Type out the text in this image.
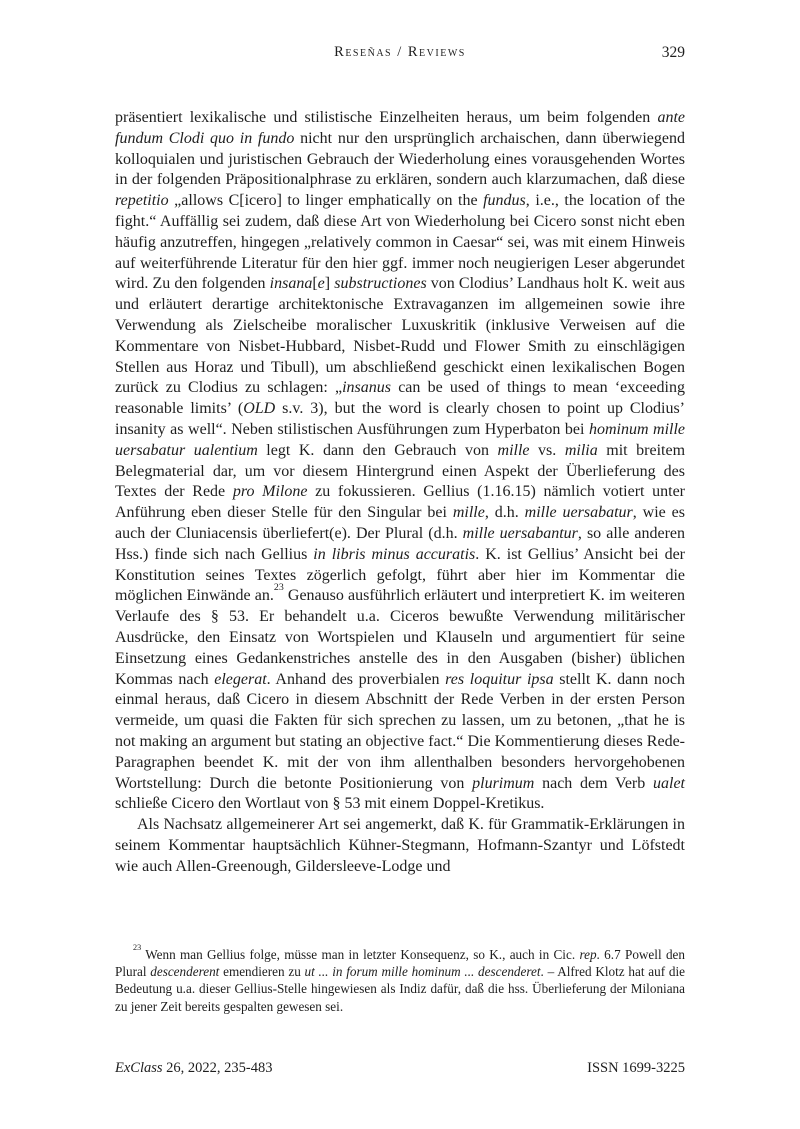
Reseñas / Reviews	329

präsentiert lexikalische und stilistische Einzelheiten heraus, um beim folgenden ante fundum Clodi quo in fundo nicht nur den ursprünglich archaischen, dann überwiegend kolloquialen und juristischen Gebrauch der Wiederholung eines vorausgehenden Wortes in der folgenden Präpositionalphrase zu erklären, sondern auch klarzumachen, daß diese repetitio „allows C[icero] to linger emphatically on the fundus, i.e., the location of the fight.“ Auffällig sei zudem, daß diese Art von Wiederholung bei Cicero sonst nicht eben häufig anzutreffen, hingegen „relatively common in Caesar“ sei, was mit einem Hinweis auf weiterführende Literatur für den hier ggf. immer noch neugierigen Leser abgerundet wird. Zu den folgenden insana[e] substructiones von Clodius’ Landhaus holt K. weit aus und erläutert derartige architektonische Extravaganzen im allgemeinen sowie ihre Verwendung als Zielscheibe moralischer Luxuskritik (inklusive Verweisen auf die Kommentare von Nisbet-Hubbard, Nisbet-Rudd und Flower Smith zu einschlägigen Stellen aus Horaz und Tibull), um abschließend geschickt einen lexikalischen Bogen zurück zu Clodius zu schlagen: „insanus can be used of things to mean ‘exceeding reasonable limits’ (OLD s.v. 3), but the word is clearly chosen to point up Clodius’ insanity as well“. Neben stilistischen Ausführungen zum Hyperbaton bei hominum mille uersabatur ualentium legt K. dann den Gebrauch von mille vs. milia mit breitem Belegmaterial dar, um vor diesem Hintergrund einen Aspekt der Überlieferung des Textes der Rede pro Milone zu fokussieren. Gellius (1.16.15) nämlich votiert unter Anführung eben dieser Stelle für den Singular bei mille, d.h. mille uersabatur, wie es auch der Cluniacensis überliefert(e). Der Plural (d.h. mille uersabantur, so alle anderen Hss.) finde sich nach Gellius in libris minus accuratis. K. ist Gellius’ Ansicht bei der Konstitution seines Textes zögerlich gefolgt, führt aber hier im Kommentar die möglichen Einwände an.$^{23}$ Genauso ausführlich erläutert und interpretiert K. im weiteren Verlaufe des § 53. Er behandelt u.a. Ciceros bewußte Verwendung militärischer Ausdrücke, den Einsatz von Wortspielen und Klauseln und argumentiert für seine Einsetzung eines Gedankenstriches anstelle des in den Ausgaben (bisher) üblichen Kommas nach elegerat. Anhand des proverbialen res loquitur ipsa stellt K. dann noch einmal heraus, daß Cicero in diesem Abschnitt der Rede Verben in der ersten Person vermeide, um quasi die Fakten für sich sprechen zu lassen, um zu betonen, „that he is not making an argument but stating an objective fact.“ Die Kommentierung dieses Rede-Paragraphen beendet K. mit der von ihm allenthalben besonders hervorgehobenen Wortstellung: Durch die betonte Positionierung von plurimum nach dem Verb ualet schließe Cicero den Wortlaut von § 53 mit einem Doppel-Kretikus.

Als Nachsatz allgemeinerer Art sei angemerkt, daß K. für Grammatik-Erklärungen in seinem Kommentar hauptsächlich Kühner-Stegmann, Hofmann-Szantyr und Löfstedt wie auch Allen-Greenough, Gildersleeve-Lodge und

$^{23}$ Wenn man Gellius folge, müsse man in letzter Konsequenz, so K., auch in Cic. rep. 6.7 Powell den Plural descenderent emendieren zu ut ... in forum mille hominum ... descenderet. – Alfred Klotz hat auf die Bedeutung u.a. dieser Gellius-Stelle hingewiesen als Indiz dafür, daß die hss. Überlieferung der Miloniana zu jener Zeit bereits gespalten gewesen sei.
ExClass 26, 2022, 235-483	ISSN 1699-3225
